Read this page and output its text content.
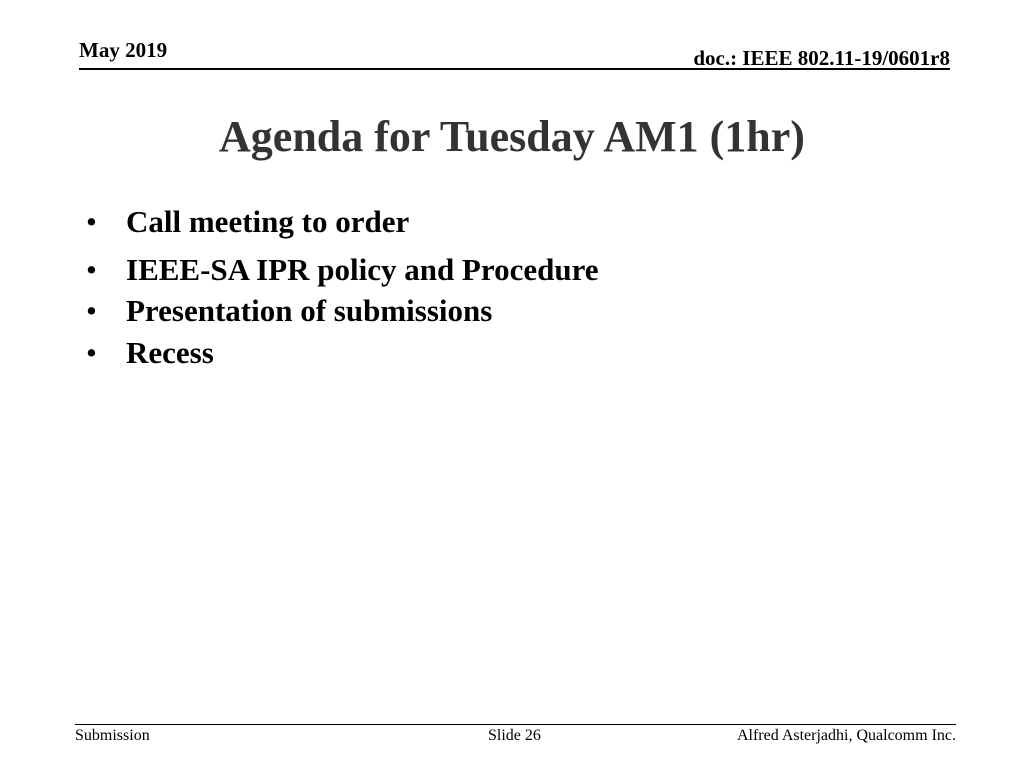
May 2019	doc.: IEEE 802.11-19/0601r8
Agenda for Tuesday AM1 (1hr)
• Call meeting to order
• IEEE-SA IPR policy and Procedure
• Presentation of submissions
• Recess
Submission	Slide 26	Alfred Asterjadhi, Qualcomm Inc.
